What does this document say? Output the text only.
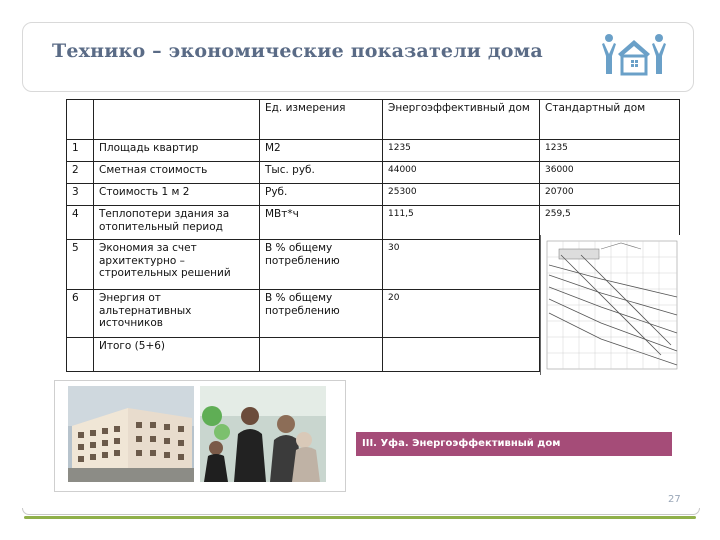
Технико – экономические показатели дома
		Ед. измерения	Энергоэффективный дом	Стандартный дом
1	Площадь квартир	М2	1235	1235
2	Сметная стоимость	Тыс. руб.	44000	36000
3	Стоимость 1 м 2	Руб.	25300	20700
4	Теплопотери здания за отопительный период	МВт*ч	111,5	259,5
5	Экономия за счет архитектурно – строительных решений	В % общему потреблению	30	
6	Энергия от альтернативных источников	В % общему потреблению	20	
	Итого (5+6)			
III. Уфа. Энергоэффективный дом
27
